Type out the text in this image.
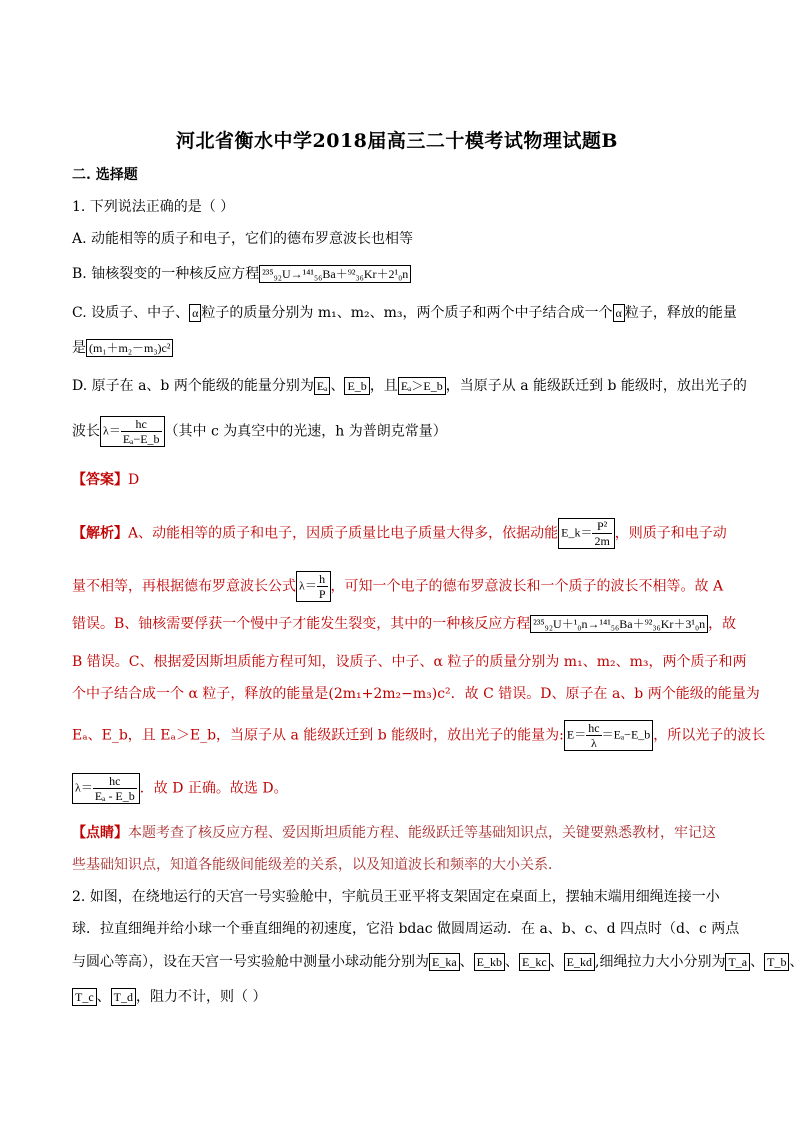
河北省衡水中学2018届高三二十模考试物理试题B
二. 选择题
1. 下列说法正确的是（ ）
A. 动能相等的质子和电子，它们的德布罗意波长也相等
B. 铀核裂变的一种核反应方程 ²³⁵₉₂U→¹⁴¹₅₆Ba＋⁹²₃₆Kr＋2¹₀n
C. 设质子、中子、 α 粒子的质量分别为 m₁、m₂、m₃，两个质子和两个中子结合成一个 α 粒子，释放的能量
是 (m₁＋m₂－m₃)c²
D. 原子在 a、b 两个能级的能量分别为 Eₐ 、 E_b ，且 Eₐ＞E_b ，当原子从 a 能级跃迁到 b 能级时，放出光子的
波长 $\lambda= \frac{hc}{\text{Eₐ−E\_b}}$ （其中 c 为真空中的光速，h 为普朗克常量）
【答案】D
【解析】A、动能相等的质子和电子，因质子质量比电子质量大得多，依据动能 E_k＝ $\frac{\text{P²}}{2m}$ ，则质子和电子动
量不相等，再根据德布罗意波长公式 $\lambda= \frac{h}{P}$ ，可知一个电子的德布罗意波长和一个质子的波长不相等。故 A
错误。B、铀核需要俘获一个慢中子才能发生裂变，其中的一种核反应方程 ²³⁵₉₂U＋¹₀n→¹⁴¹₅₆Ba＋⁹²₃₆Kr＋3¹₀n ，故
B 错误。C、根据爱因斯坦质能方程可知，设质子、中子、α 粒子的质量分别为 m₁、m₂、m₃，两个质子和两
个中子结合成一个 α 粒子，释放的能量是(2m₁+2m₂−m₃)c²．故 C 错误。D、原子在 a、b 两个能级的能量为
Eₐ、E_b，且 Eₐ＞E_b，当原子从 a 能级跃迁到 b 能级时，放出光子的能量为: $E= \frac{hc}{\lambda}$ ＝Eₐ−E_b ，所以光子的波长
$\lambda= \frac{hc}{\text{Eₐ - E\_b}}$ ．故 D 正确。故选 D。
【点睛】本题考查了核反应方程、爱因斯坦质能方程、能级跃迁等基础知识点，关键要熟悉教材，牢记这
些基础知识点，知道各能级间能级差的关系，以及知道波长和频率的大小关系．
2. 如图，在绕地运行的天宫一号实验舱中，宇航员王亚平将支架固定在桌面上，摆轴末端用细绳连接一小
球．拉直细绳并给小球一个垂直细绳的初速度，它沿 bdac 做圆周运动．在 a、b、c、d 四点时（d、c 两点
与圆心等高），设在天宫一号实验舱中测量小球动能分别为 E_ka 、 E_kb 、 E_kc 、 E_kd ,细绳拉力大小分别为 T_a 、 T_b 、
T_c 、 T_d ，阻力不计，则（ ）
